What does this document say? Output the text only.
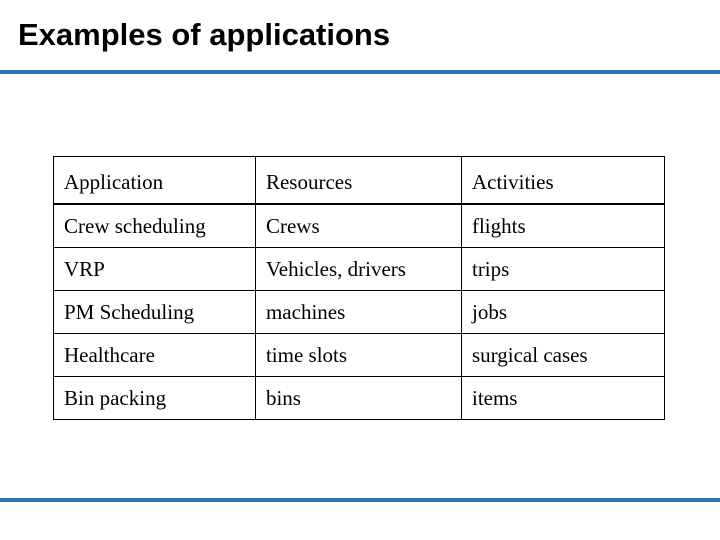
Examples of applications
Application	Resources	Activities
Crew scheduling	Crews	flights
VRP	Vehicles, drivers	trips
PM Scheduling	machines	jobs
Healthcare	time slots	surgical cases
Bin packing	bins	items
